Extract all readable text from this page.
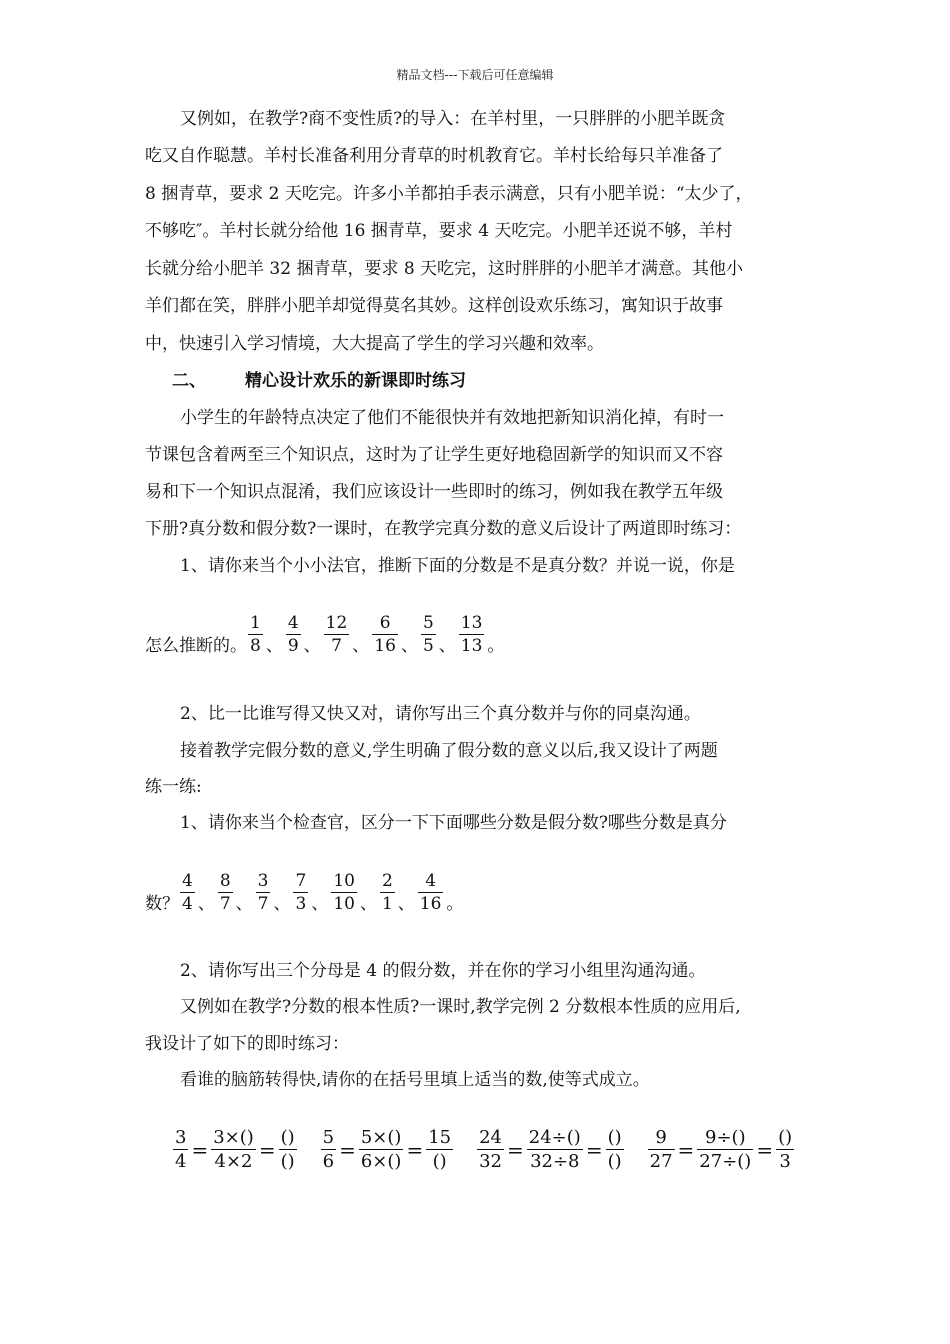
精品文档---下载后可任意编辑
又例如，在教学?商不变性质?的导入：在羊村里，一只胖胖的小肥羊既贪
吃又自作聪慧。羊村长准备利用分青草的时机教育它。羊村长给每只羊准备了
8 捆青草，要求 2 天吃完。许多小羊都拍手表示满意，只有小肥羊说：“太少了，
不够吃″。羊村长就分给他 16 捆青草，要求 4 天吃完。小肥羊还说不够，羊村
长就分给小肥羊 32 捆青草，要求 8 天吃完，这时胖胖的小肥羊才满意。其他小
羊们都在笑，胖胖小肥羊却觉得莫名其妙。这样创设欢乐练习，寓知识于故事
中，快速引入学习情境，大大提高了学生的学习兴趣和效率。
二、 精心设计欢乐的新课即时练习
小学生的年龄特点决定了他们不能很快并有效地把新知识消化掉，有时一
节课包含着两至三个知识点，这时为了让学生更好地稳固新学的知识而又不容
易和下一个知识点混淆，我们应该设计一些即时的练习，例如我在教学五年级
下册?真分数和假分数?一课时，在教学完真分数的意义后设计了两道即时练习：
1、请你来当个小小法官，推断下面的分数是不是真分数？并说一说，你是
怎么推断的。 $\frac{1}{8}$ 、 $\frac{4}{9}$ 、 $\frac{12}{7}$ 、 $\frac{6}{16}$ 、 $\frac{5}{5}$ 、 $\frac{13}{13}$ 。
2、比一比谁写得又快又对，请你写出三个真分数并与你的同桌沟通。
接着教学完假分数的意义,学生明确了假分数的意义以后,我又设计了两题
练一练:
1、请你来当个检查官，区分一下下面哪些分数是假分数?哪些分数是真分
数？ $\frac{4}{4}$ 、 $\frac{8}{7}$ 、 $\frac{3}{7}$ 、 $\frac{7}{3}$ 、 $\frac{10}{10}$ 、 $\frac{2}{1}$ 、 $\frac{4}{16}$ 。
2、请你写出三个分母是 4 的假分数，并在你的学习小组里沟通沟通。
又例如在教学?分数的根本性质?一课时,教学完例 2 分数根本性质的应用后,
我设计了如下的即时练习：
看谁的脑筋转得快,请你的在括号里填上适当的数,使等式成立。
$\frac{3}{4} = \frac{3\times()}{4\times 2} = \frac{()}{()} \frac{5}{6} = \frac{5\times()}{6\times()} = \frac{15}{()} \frac{24}{32} = \frac{24\div()}{32\div 8} = \frac{()}{()} \frac{9}{27} = \frac{9\div()}{27\div()} = \frac{()}{3}$
